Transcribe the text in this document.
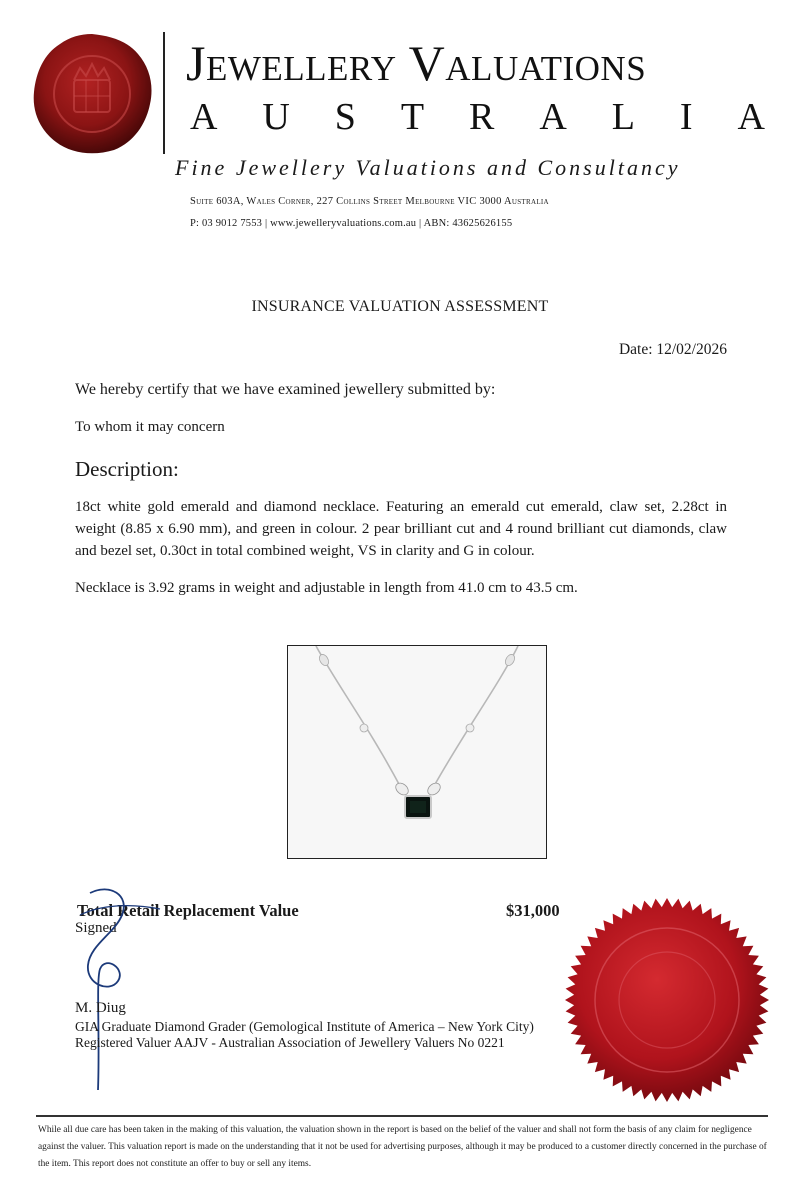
Jewellery Valuations
A U S T R A L I A
Fine Jewellery Valuations and Consultancy
Suite 603A, Wales Corner, 227 Collins Street Melbourne VIC 3000 Australia
P: 03 9012 7553 | www.jewelleryvaluations.com.au | ABN: 43625626155
INSURANCE VALUATION ASSESSMENT
Date: 12/02/2026
We hereby certify that we have examined jewellery submitted by:
To whom it may concern
Description:
18ct white gold emerald and diamond necklace. Featuring an emerald cut emerald, claw set, 2.28ct in weight (8.85 x 6.90 mm), and green in colour. 2 pear brilliant cut and 4 round brilliant cut diamonds, claw and bezel set, 0.30ct in total combined weight, VS in clarity and G in colour.
Necklace is 3.92 grams in weight and adjustable in length from 41.0 cm to 43.5 cm.
Total Retail Replacement Value	$31,000
Signed
M. Diug
GIA Graduate Diamond Grader (Gemological Institute of America – New York City)
Registered Valuer AAJV - Australian Association of Jewellery Valuers No 0221
While all due care has been taken in the making of this valuation, the valuation shown in the report is based on the belief of the valuer and shall not form the basis of any claim for negligence against the valuer. This valuation report is made on the understanding that it not be used for advertising purposes, although it may be produced to a customer directly concerned in the purchase of the item. This report does not constitute an offer to buy or sell any items.
